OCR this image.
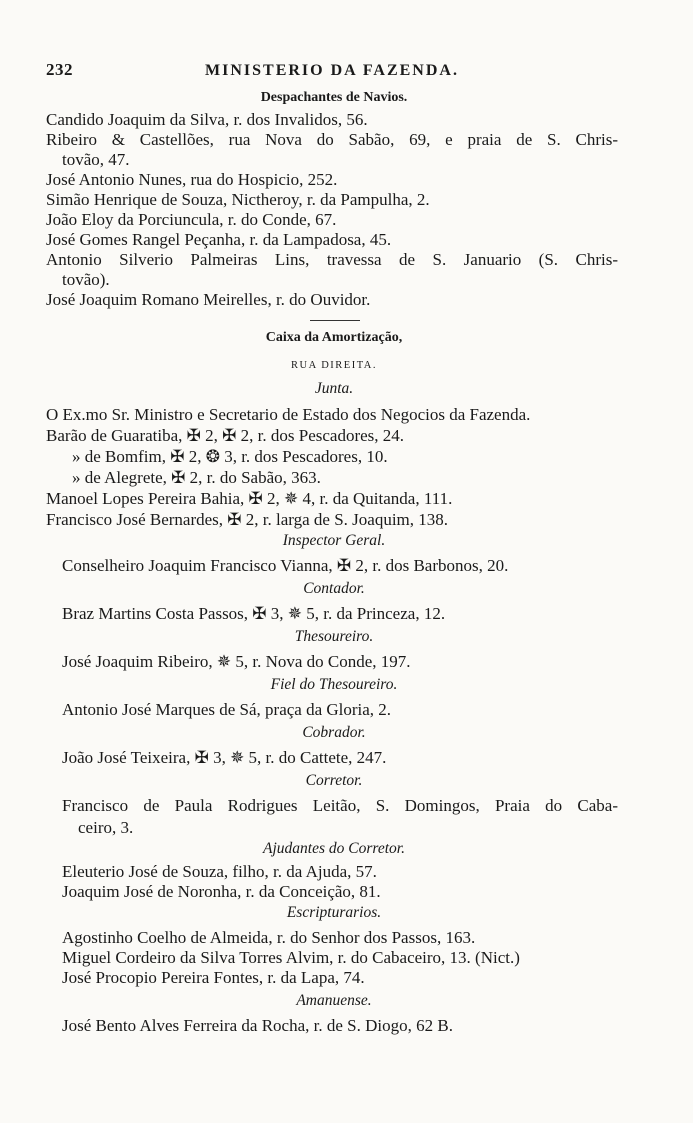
232	MINISTERIO DA FAZENDA.
Despachantes de Navios.
Candido Joaquim da Silva, r. dos Invalidos, 56.
Ribeiro & Castellões, rua Nova do Sabão, 69, e praia de S. Chris-
tovão, 47.
José Antonio Nunes, rua do Hospicio, 252.
Simão Henrique de Souza, Nictheroy, r. da Pampulha, 2.
João Eloy da Porciuncula, r. do Conde, 67.
José Gomes Rangel Peçanha, r. da Lampadosa, 45.
Antonio Silverio Palmeiras Lins, travessa de S. Januario (S. Chris-
tovão).
José Joaquim Romano Meirelles, r. do Ouvidor.
Caixa da Amortização,
RUA DIREITA.
Junta.
O Ex.mo Sr. Ministro e Secretario de Estado dos Negocios da Fazenda.
Barão de Guaratiba, ✠ 2, ✠ 2, r. dos Pescadores, 24.
» de Bomfim, ✠ 2, ❂ 3, r. dos Pescadores, 10.
» de Alegrete, ✠ 2, r. do Sabão, 363.
Manoel Lopes Pereira Bahia, ✠ 2, ✵ 4, r. da Quitanda, 111.
Francisco José Bernardes, ✠ 2, r. larga de S. Joaquim, 138.
Inspector Geral.
Conselheiro Joaquim Francisco Vianna, ✠ 2, r. dos Barbonos, 20.
Contador.
Braz Martins Costa Passos, ✠ 3, ✵ 5, r. da Princeza, 12.
Thesoureiro.
José Joaquim Ribeiro, ✵ 5, r. Nova do Conde, 197.
Fiel do Thesoureiro.
Antonio José Marques de Sá, praça da Gloria, 2.
Cobrador.
João José Teixeira, ✠ 3, ✵ 5, r. do Cattete, 247.
Corretor.
Francisco de Paula Rodrigues Leitão, S. Domingos, Praia do Caba-
ceiro, 3.
Ajudantes do Corretor.
Eleuterio José de Souza, filho, r. da Ajuda, 57.
Joaquim José de Noronha, r. da Conceição, 81.
Escripturarios.
Agostinho Coelho de Almeida, r. do Senhor dos Passos, 163.
Miguel Cordeiro da Silva Torres Alvim, r. do Cabaceiro, 13. (Nict.)
José Procopio Pereira Fontes, r. da Lapa, 74.
Amanuense.
José Bento Alves Ferreira da Rocha, r. de S. Diogo, 62 B.
